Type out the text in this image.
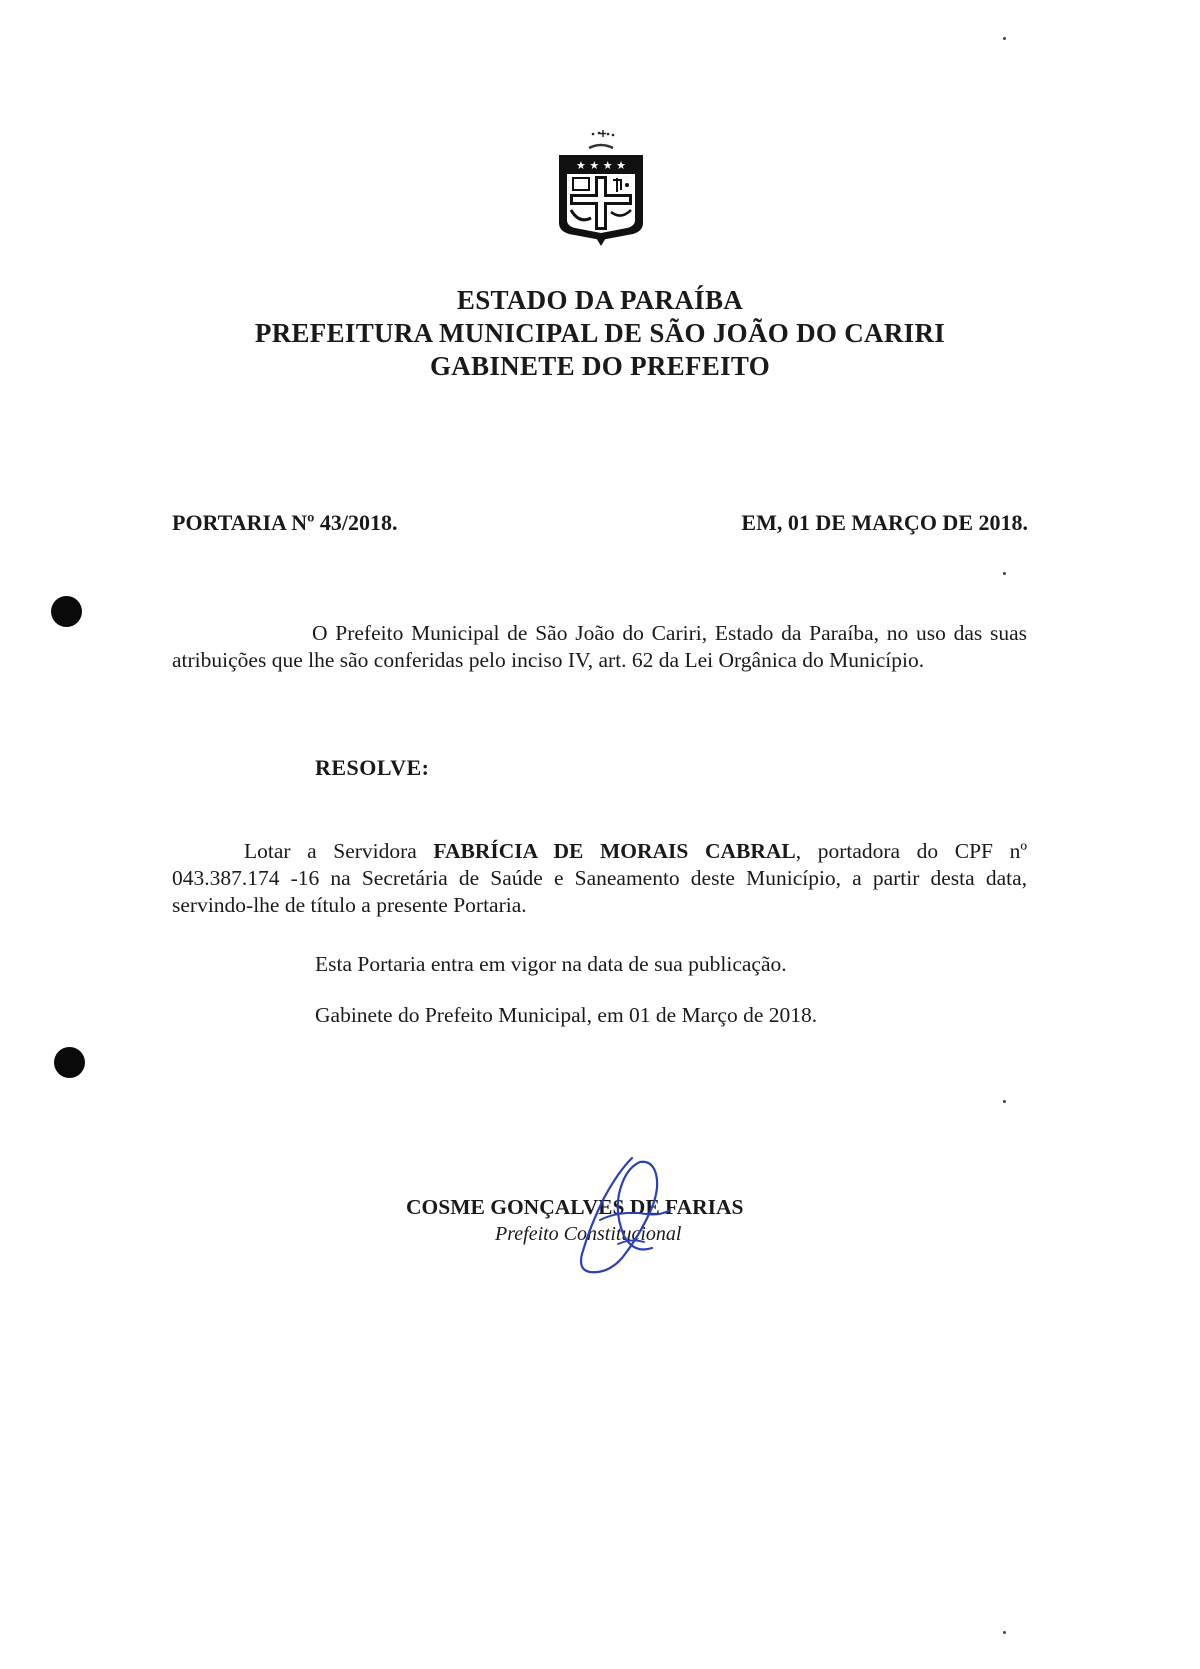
★ ★ ★ ★
ESTADO DA PARAÍBA
PREFEITURA MUNICIPAL DE SÃO JOÃO DO CARIRI
GABINETE DO PREFEITO
PORTARIA Nº 43/2018.	EM, 01 DE MARÇO DE 2018.
O Prefeito Municipal de São João do Cariri, Estado da Paraíba, no uso das suas atribuições que lhe são conferidas pelo inciso IV, art. 62 da Lei Orgânica do Município.
RESOLVE:
Lotar a Servidora FABRÍCIA DE MORAIS CABRAL, portadora do CPF nº 043.387.174 -16 na Secretária de Saúde e Saneamento deste Município, a partir desta data, servindo-lhe de título a presente Portaria.
Esta Portaria entra em vigor na data de sua publicação.
Gabinete do Prefeito Municipal, em 01 de Março de 2018.
COSME GONÇALVES DE FARIAS
Prefeito Constitucional
